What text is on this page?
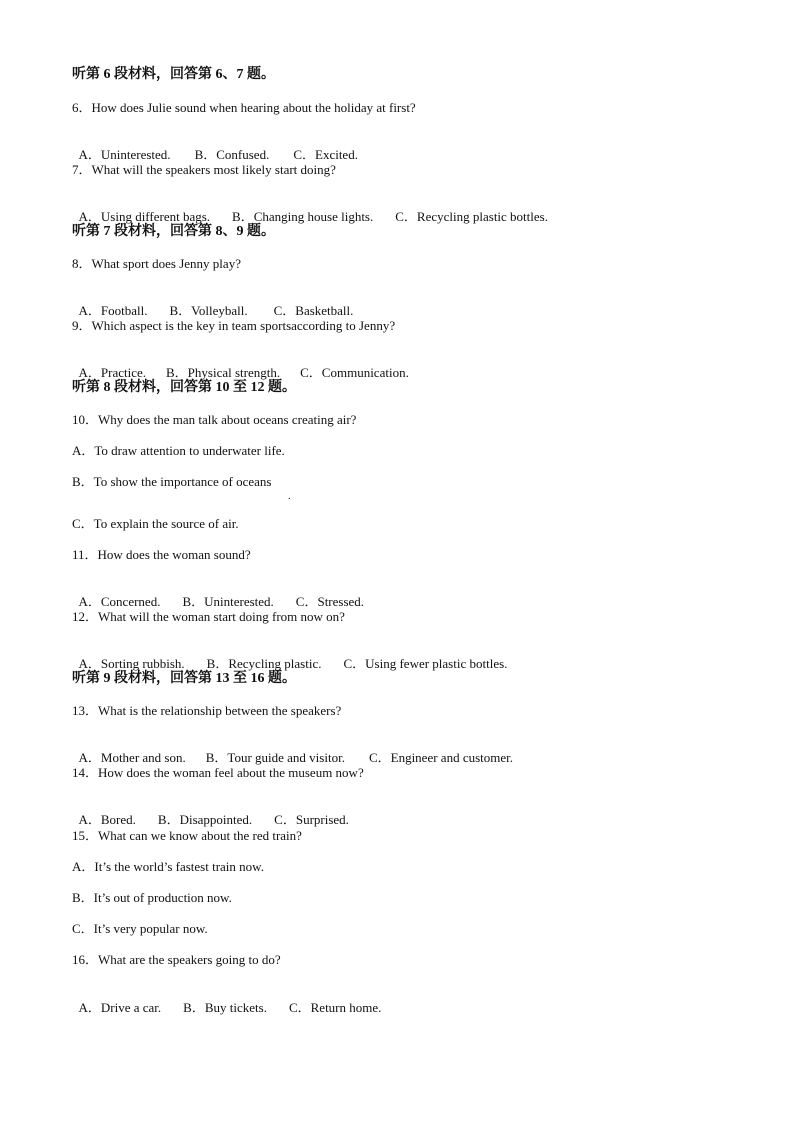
听第 6 段材料，回答第 6、7 题。
6．How does Julie sound when hearing about the holiday at first?

A．Uninterested. B．Confused. C．Excited.

7．What will the speakers most likely start doing?

A．Using different bags. B．Changing house lights. C．Recycling plastic bottles.

听第 7 段材料，回答第 8、9 题。
8．What sport does Jenny play?

A．Football. B．Volleyball. C．Basketball.

9．Which aspect is the key in team sportsaccording to Jenny?

A．Practice. B．Physical strength. C．Communication.

听第 8 段材料，回答第 10 至 12 题。
10．Why does the man talk about oceans creating air?
A．To draw attention to underwater life.
B．To show the importance of oceans
.
C．To explain the source of air.
11．How does the woman sound?

A．Concerned. B．Uninterested. C．Stressed.

12．What will the woman start doing from now on?

A．Sorting rubbish. B．Recycling plastic. C．Using fewer plastic bottles.

听第 9 段材料，回答第 13 至 16 题。
13．What is the relationship between the speakers?

A．Mother and son. B．Tour guide and visitor. C．Engineer and customer.

14．How does the woman feel about the museum now?

A．Bored. B．Disappointed. C．Surprised.

15．What can we know about the red train?
A．It’s the world’s fastest train now.
B．It’s out of production now.
C．It’s very popular now.
16．What are the speakers going to do?

A．Drive a car. B．Buy tickets. C．Return home.
